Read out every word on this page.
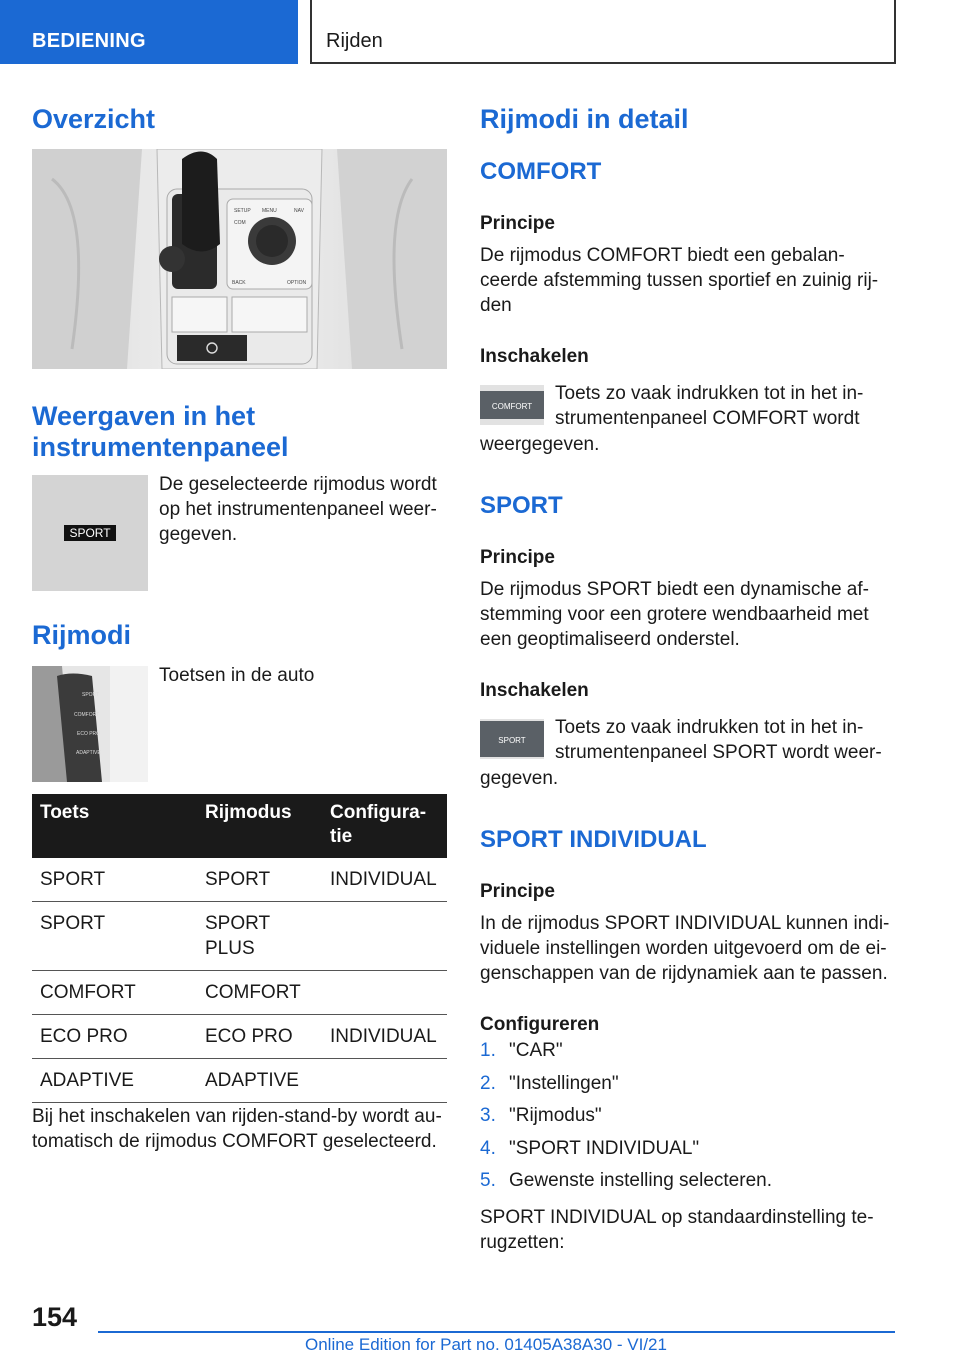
BEDIENING	Rijden
Overzicht
SETUP MENU	NAV
COM
BACK	OPTION
Weergaven in het
instrumentenpaneel
SPORT
De geselecteerde rijmodus wordt
op het instrumentenpaneel weer-
gegeven.
Rijmodi
SPORT
COMFORT
ECO PRO
ADAPTIVE
Toetsen in de auto
Toets	Rijmodus	Configura-
tie
SPORT	SPORT	INDIVIDUAL
SPORT	SPORT
PLUS	
COMFORT	COMFORT	
ECO PRO	ECO PRO	INDIVIDUAL
ADAPTIVE	ADAPTIVE	
Bij het inschakelen van rijden-stand-by wordt au-
tomatisch de rijmodus COMFORT geselecteerd.
Rijmodi in detail
COMFORT
Principe
De rijmodus COMFORT biedt een gebalan-
ceerde afstemming tussen sportief en zuinig rij-
den
Inschakelen
COMFORT
Toets zo vaak indrukken tot in het in-
strumentenpaneel COMFORT wordt
weergegeven.
SPORT
Principe
De rijmodus SPORT biedt een dynamische af-
stemming voor een grotere wendbaarheid met
een geoptimaliseerd onderstel.
Inschakelen
SPORT
Toets zo vaak indrukken tot in het in-
strumentenpaneel SPORT wordt weer-
gegeven.
SPORT INDIVIDUAL
Principe
In de rijmodus SPORT INDIVIDUAL kunnen indi-
viduele instellingen worden uitgevoerd om de ei-
genschappen van de rijdynamiek aan te passen.
Configureren
1. "CAR"
2. "Instellingen"
3. "Rijmodus"
4. "SPORT INDIVIDUAL"
5. Gewenste instelling selecteren.
SPORT INDIVIDUAL op standaardinstelling te-
rugzetten:
154
Online Edition for Part no. 01405A38A30 - VI/21
